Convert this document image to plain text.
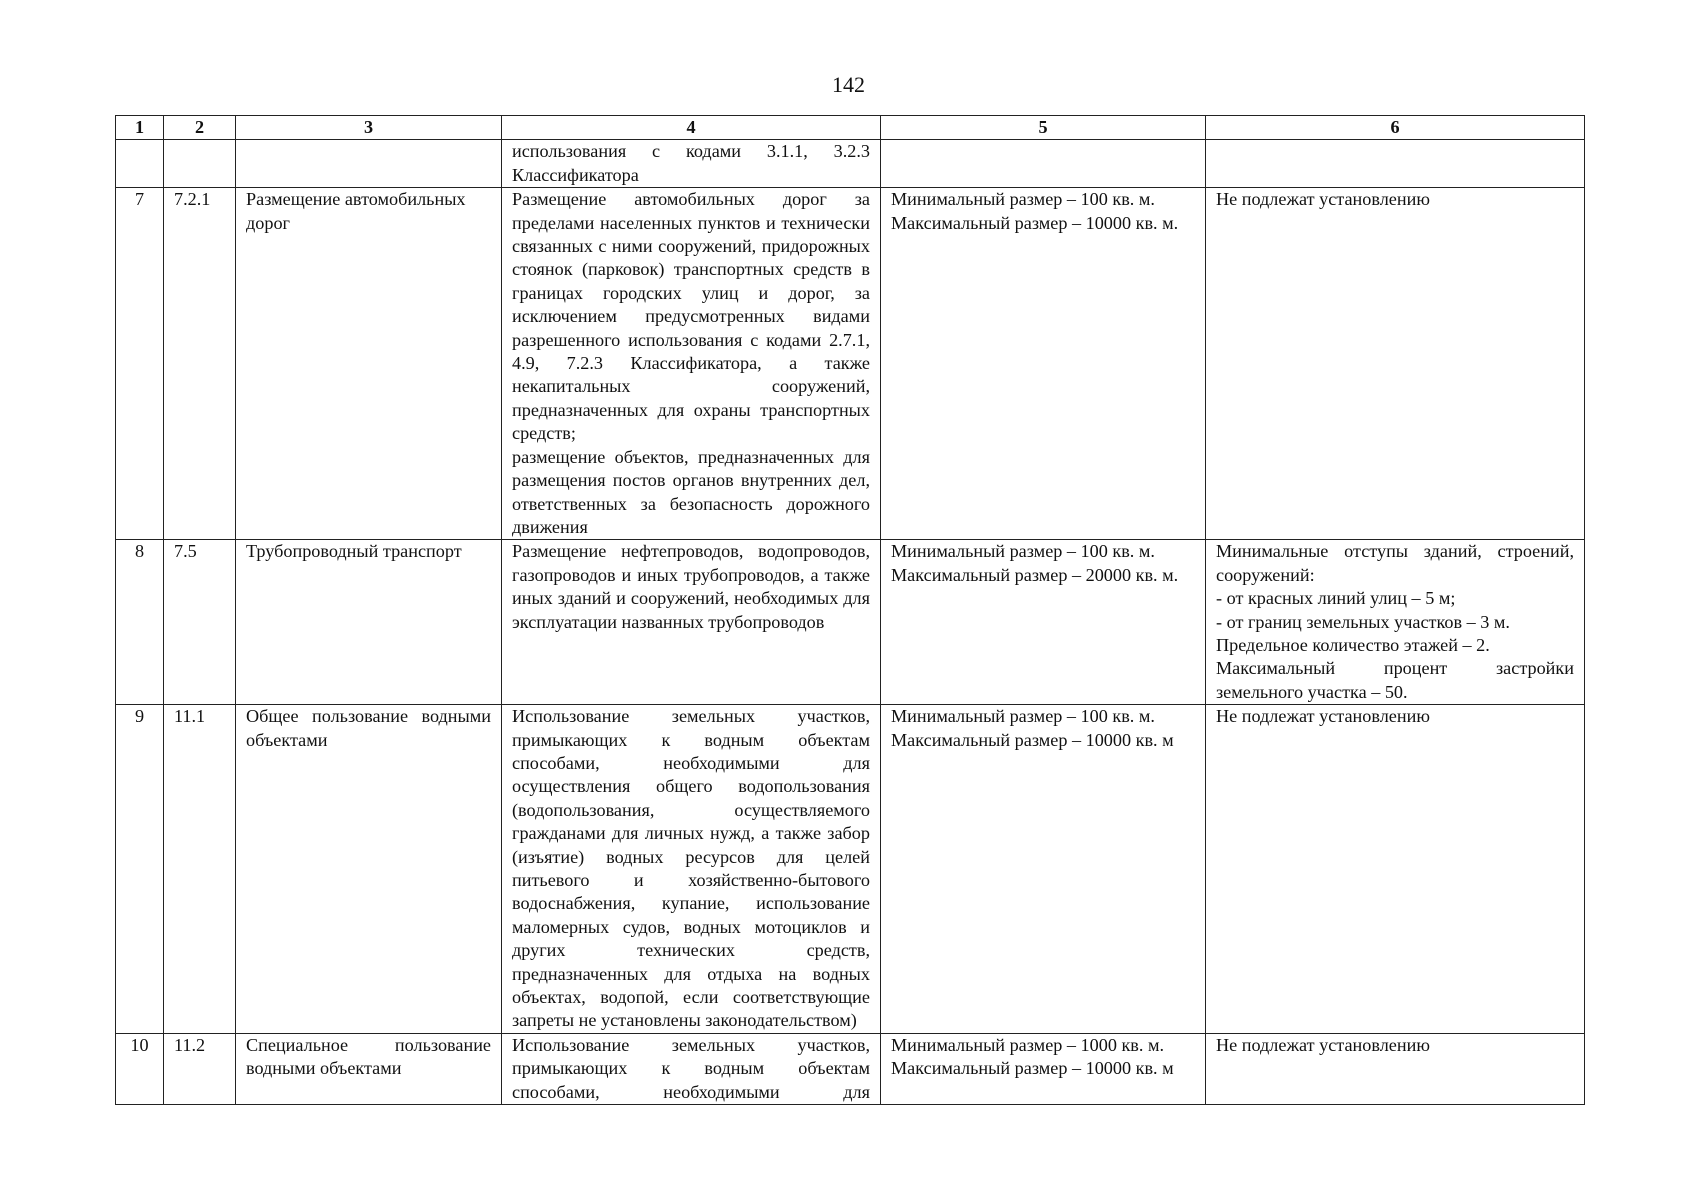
142
1	2	3	4	5	6

			использования с кодами 3.1.1, 3.2.3 Классификатора		

7	7.2.1	Размещение автомобильных дорог	Размещение автомобильных дорог за пределами населенных пунктов и технически связанных с ними сооружений, придорожных стоянок (парковок) транспортных средств в границах городских улиц и дорог, за исключением предусмотренных видами разрешенного использования с кодами 2.7.1, 4.9, 7.2.3 Классификатора, а также некапитальных сооружений, предназначенных для охраны транспортных средств;
размещение объектов, предназначенных для размещения постов органов внутренних дел, ответственных за безопасность дорожного движения	Минимальный размер – 100 кв. м.
Максимальный размер – 10000 кв. м.	Не подлежат установлению

8	7.5	Трубопроводный транспорт	Размещение нефтепроводов, водопроводов, газопроводов и иных трубопроводов, а также иных зданий и сооружений, необходимых для эксплуатации названных трубопроводов	Минимальный размер – 100 кв. м.
Максимальный размер – 20000 кв. м.	Минимальные отступы зданий, строений, сооружений:
- от красных линий улиц – 5 м;
- от границ земельных участков – 3 м.
Предельное количество этажей – 2.
Максимальный процент застройки земельного участка – 50.

9	11.1	Общее пользование водными объектами	Использование земельных участков, примыкающих к водным объектам способами, необходимыми для осуществления общего водопользования (водопользования, осуществляемого гражданами для личных нужд, а также забор (изъятие) водных ресурсов для целей питьевого и хозяйственно-бытового водоснабжения, купание, использование маломерных судов, водных мотоциклов и других технических средств, предназначенных для отдыха на водных объектах, водопой, если соответствующие запреты не установлены законодательством)	Минимальный размер – 100 кв. м.
Максимальный размер – 10000 кв. м	Не подлежат установлению

10	11.2	Специальное пользование водными объектами	Использование земельных участков, примыкающих к водным объектам способами, необходимыми для	Минимальный размер – 1000 кв. м.
Максимальный размер – 10000 кв. м	Не подлежат установлению
